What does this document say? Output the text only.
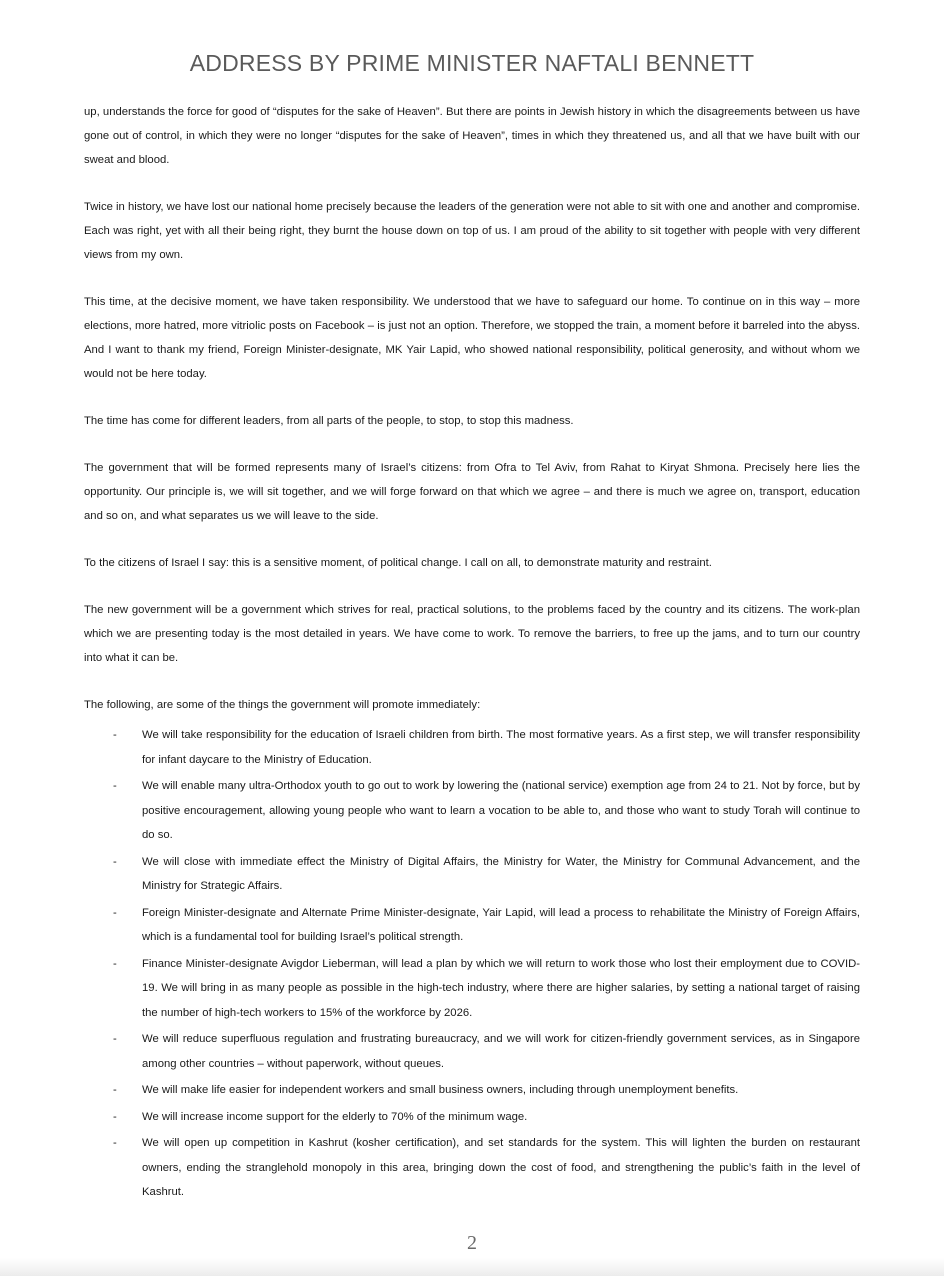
ADDRESS BY PRIME MINISTER NAFTALI BENNETT

up, understands the force for good of “disputes for the sake of Heaven”. But there are points in Jewish history in which the disagreements between us have gone out of control, in which they were no longer “disputes for the sake of Heaven”, times in which they threatened us, and all that we have built with our sweat and blood.

Twice in history, we have lost our national home precisely because the leaders of the generation were not able to sit with one and another and compromise. Each was right, yet with all their being right, they burnt the house down on top of us. I am proud of the ability to sit together with people with very different views from my own.

This time, at the decisive moment, we have taken responsibility. We understood that we have to safeguard our home. To continue on in this way – more elections, more hatred, more vitriolic posts on Facebook – is just not an option. Therefore, we stopped the train, a moment before it barreled into the abyss. And I want to thank my friend, Foreign Minister-designate, MK Yair Lapid, who showed national responsibility, political generosity, and without whom we would not be here today.

The time has come for different leaders, from all parts of the people, to stop, to stop this madness.

The government that will be formed represents many of Israel’s citizens: from Ofra to Tel Aviv, from Rahat to Kiryat Shmona. Precisely here lies the opportunity. Our principle is, we will sit together, and we will forge forward on that which we agree – and there is much we agree on, transport, education and so on, and what separates us we will leave to the side.

To the citizens of Israel I say: this is a sensitive moment, of political change. I call on all, to demonstrate maturity and restraint.

The new government will be a government which strives for real, practical solutions, to the problems faced by the country and its citizens. The work-plan which we are presenting today is the most detailed in years. We have come to work. To remove the barriers, to free up the jams, and to turn our country into what it can be.

The following, are some of the things the government will promote immediately:

- We will take responsibility for the education of Israeli children from birth. The most formative years. As a first step, we will transfer responsibility for infant daycare to the Ministry of Education.
- We will enable many ultra-Orthodox youth to go out to work by lowering the (national service) exemption age from 24 to 21. Not by force, but by positive encouragement, allowing young people who want to learn a vocation to be able to, and those who want to study Torah will continue to do so.
- We will close with immediate effect the Ministry of Digital Affairs, the Ministry for Water, the Ministry for Communal Advancement, and the Ministry for Strategic Affairs.
- Foreign Minister-designate and Alternate Prime Minister-designate, Yair Lapid, will lead a process to rehabilitate the Ministry of Foreign Affairs, which is a fundamental tool for building Israel’s political strength.
- Finance Minister-designate Avigdor Lieberman, will lead a plan by which we will return to work those who lost their employment due to COVID-19. We will bring in as many people as possible in the high-tech industry, where there are higher salaries, by setting a national target of raising the number of high-tech workers to 15% of the workforce by 2026.
- We will reduce superfluous regulation and frustrating bureaucracy, and we will work for citizen-friendly government services, as in Singapore among other countries – without paperwork, without queues.
- We will make life easier for independent workers and small business owners, including through unemployment benefits.
- We will increase income support for the elderly to 70% of the minimum wage.
- We will open up competition in Kashrut (kosher certification), and set standards for the system. This will lighten the burden on restaurant owners, ending the stranglehold monopoly in this area, bringing down the cost of food, and strengthening the public’s faith in the level of Kashrut.
2
